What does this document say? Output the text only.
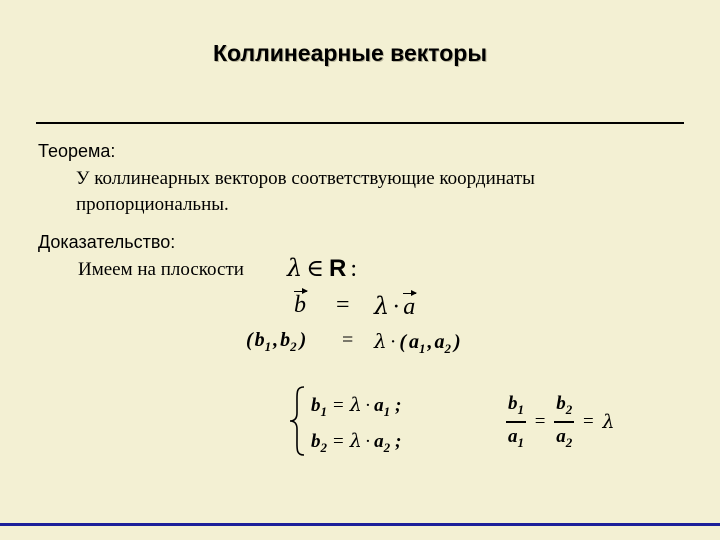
Коллинеарные векторы
Теорема:
У коллинеарных векторов соответствующие координаты
пропорциональны.
Доказательство:
Имеем на плоскости λ ∈ R :
b = λ · a
( $b_1$ , $b_2$ ) = λ · ( $a_1$ , $a_2$ )
$b_1 = \lambda \cdot a_1$ ;
$b_2 = \lambda \cdot a_2$ ;	$\frac{b_1}{a_1} = \frac{b_2}{a_2} = \lambda$
